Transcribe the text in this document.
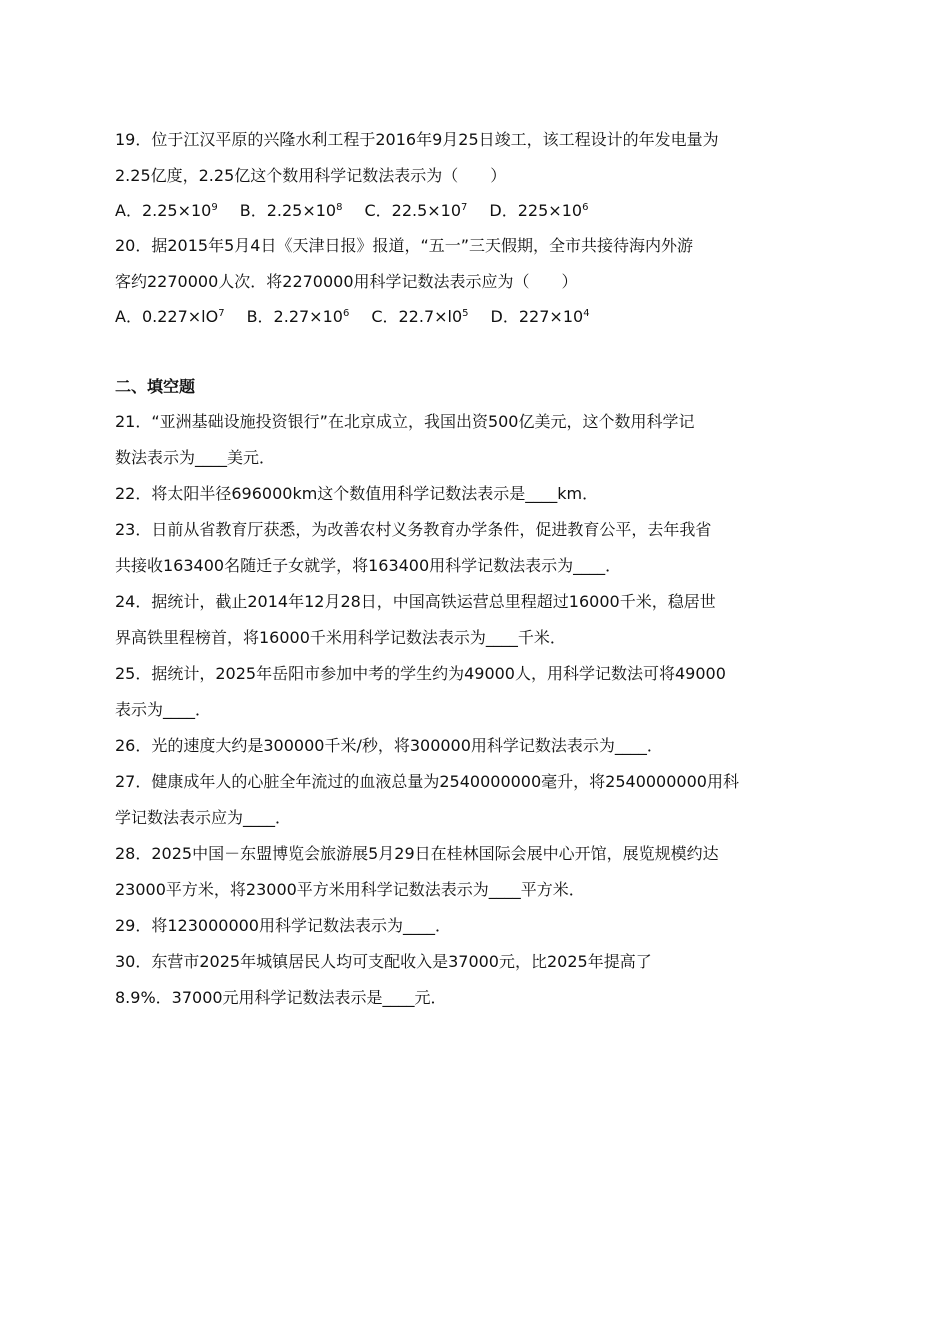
19．位于江汉平原的兴隆水利工程于2016年9月25日竣工，该工程设计的年发电量为
2.25亿度，2.25亿这个数用科学记数法表示为（　　）
A．$2.25\times 10^9$ B．$2.25\times 10^8$ C．$22.5\times 10^7$ D．$225\times 10^6$
20．据2015年5月4日《天津日报》报道，“五一”三天假期，全市共接待海内外游
客约2270000人次．将2270000用科学记数法表示应为（　　）
A．$0.227\times lO^7$ B．$2.27\times 10^6$ C．$22.7\times l0^5$ D．$227\times 10^4$
二、填空题
21．“亚洲基础设施投资银行”在北京成立，我国出资500亿美元，这个数用科学记
数法表示为____美元．
22．将太阳半径696000km这个数值用科学记数法表示是____km．
23．日前从省教育厅获悉，为改善农村义务教育办学条件，促进教育公平，去年我省
共接收163400名随迁子女就学，将163400用科学记数法表示为____．
24．据统计，截止2014年12月28日，中国高铁运营总里程超过16000千米，稳居世
界高铁里程榜首，将16000千米用科学记数法表示为____千米．
25．据统计，2025年岳阳市参加中考的学生约为49000人，用科学记数法可将49000
表示为____．
26．光的速度大约是300000千米/秒，将300000用科学记数法表示为____．
27．健康成年人的心脏全年流过的血液总量为2540000000毫升，将2540000000用科
学记数法表示应为____．
28．2025中国－东盟博览会旅游展5月29日在桂林国际会展中心开馆，展览规模约达
23000平方米，将23000平方米用科学记数法表示为____平方米．
29．将123000000用科学记数法表示为____．
30．东营市2025年城镇居民人均可支配收入是37000元，比2025年提高了
8.9%．37000元用科学记数法表示是____元．
